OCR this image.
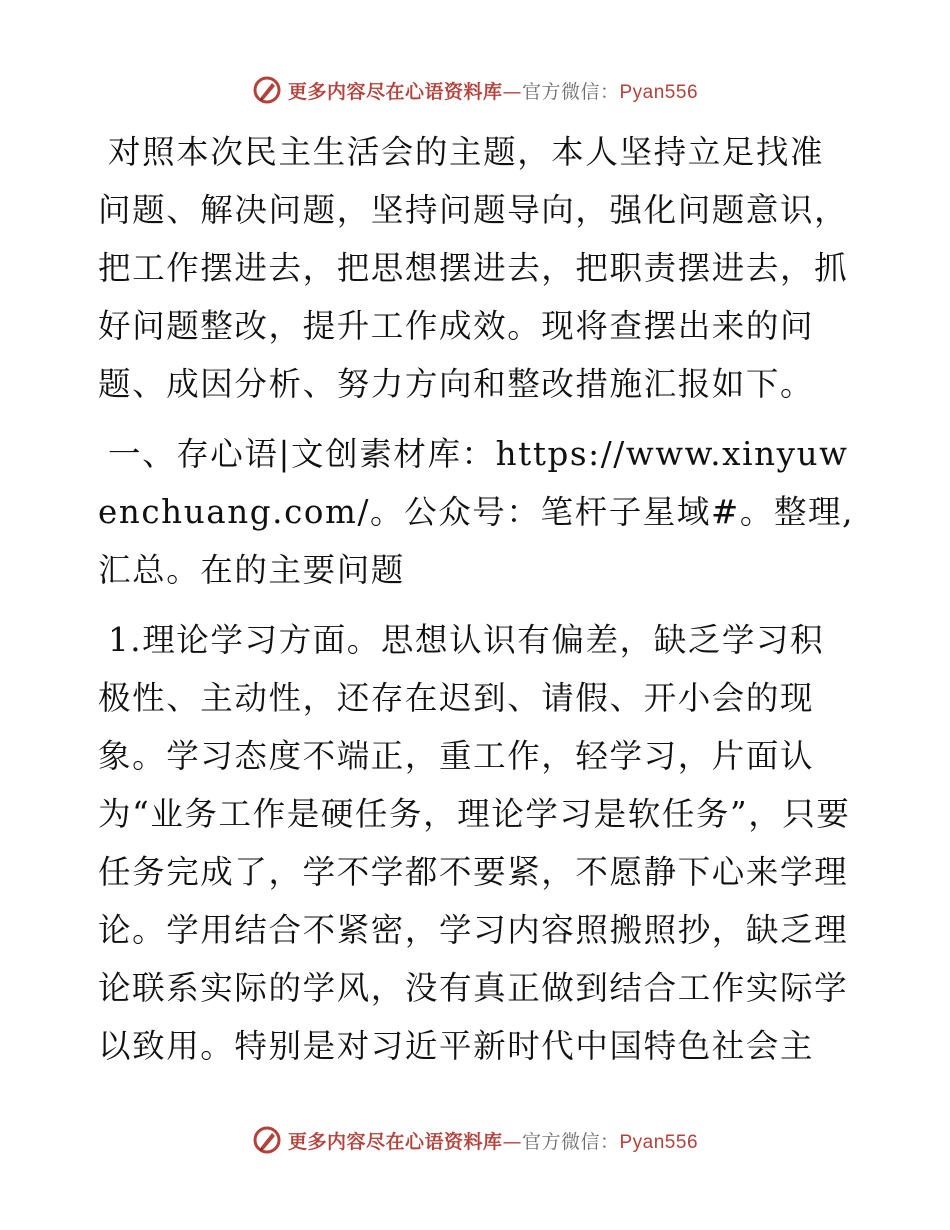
更多内容尽在心语资料库—官方微信：Pyan556

对照本次民主生活会的主题，本人坚持立足找准问题、解决问题，坚持问题导向，强化问题意识，把工作摆进去，把思想摆进去，把职责摆进去，抓好问题整改，提升工作成效。现将查摆出来的问题、成因分析、努力方向和整改措施汇报如下。

一、存心语|文创素材库：https://www.xinyuwenchuang.com/。公众号：笔杆子星域#。整理,汇总。在的主要问题

1.理论学习方面。思想认识有偏差，缺乏学习积极性、主动性，还存在迟到、请假、开小会的现象。学习态度不端正，重工作，轻学习，片面认为“业务工作是硬任务，理论学习是软任务”，只要任务完成了，学不学都不要紧，不愿静下心来学理论。学用结合不紧密，学习内容照搬照抄，缺乏理论联系实际的学风，没有真正做到结合工作实际学以致用。特别是对习近平新时代中国特色社会主

更多内容尽在心语资料库—官方微信：Pyan556
